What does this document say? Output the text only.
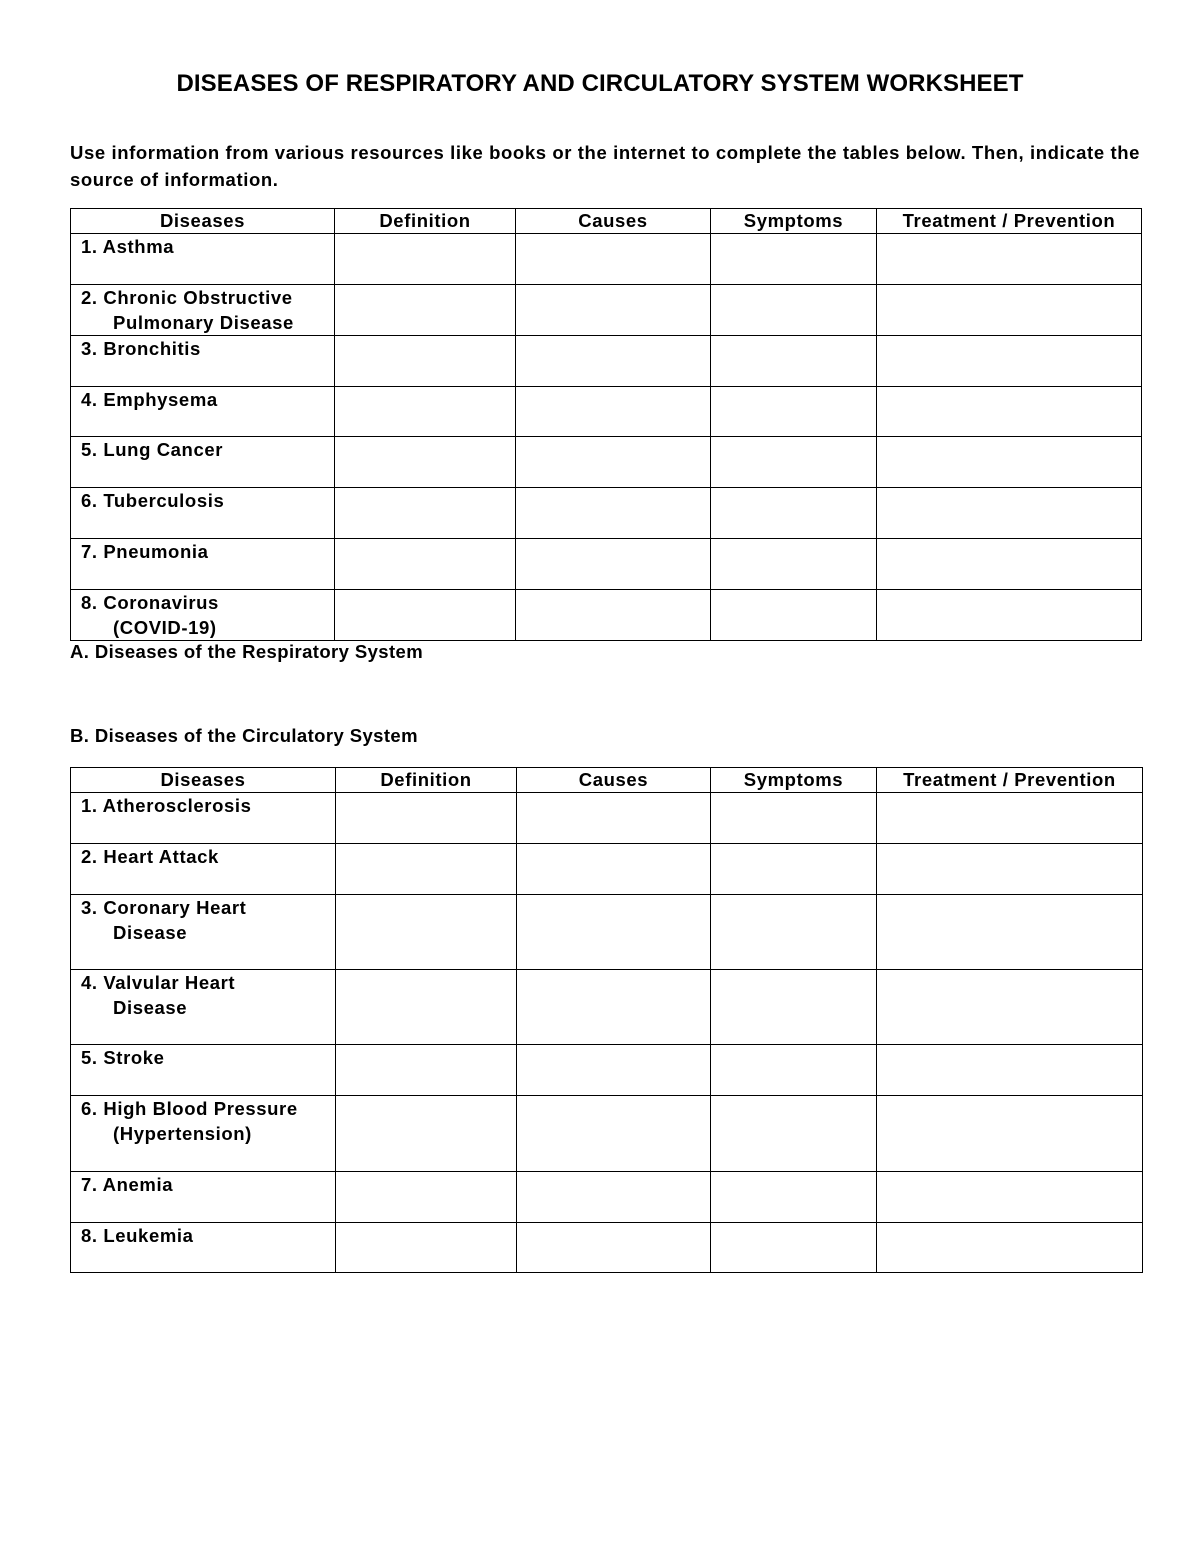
DISEASES OF RESPIRATORY AND CIRCULATORY SYSTEM WORKSHEET
Use information from various resources like books or the internet to complete the tables below. Then, indicate the source of information.
Diseases	Definition	Causes	Symptoms	Treatment / Prevention

1. Asthma				

2. Chronic Obstructive
Pulmonary Disease				

3. Bronchitis				

4. Emphysema				

5. Lung Cancer				

6. Tuberculosis				

7. Pneumonia				

8. Coronavirus
(COVID-19)				

A. Diseases of the Respiratory System
B. Diseases of the Circulatory System
Diseases	Definition	Causes	Symptoms	Treatment / Prevention

1. Atherosclerosis				

2. Heart Attack				

3. Coronary Heart
Disease				

4. Valvular Heart
Disease				

5. Stroke				

6. High Blood Pressure
(Hypertension)				

7. Anemia				

8. Leukemia				
